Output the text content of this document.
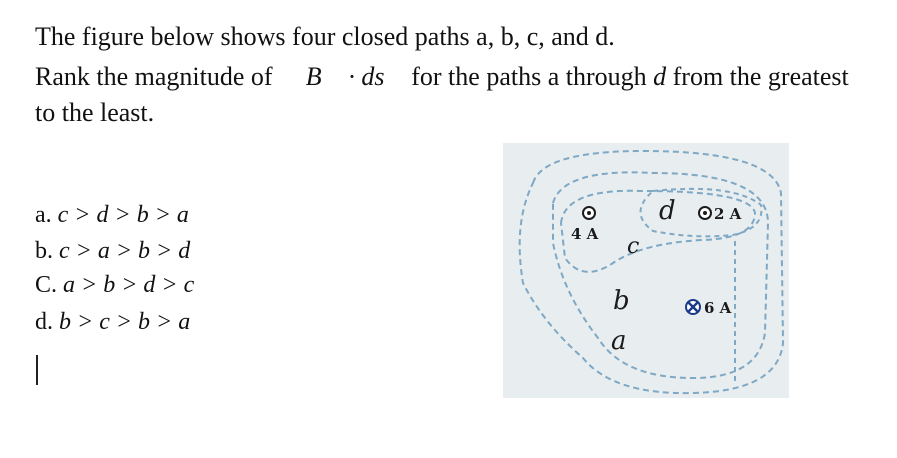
The figure below shows four closed paths a, b, c, and d.
Rank the magnitude of ∮ B⃗ · ds⃗ for the paths a through d from the greatest
to the least.
a. c > d > b > a
b. c > a > b > d
C. a > b > d > c
d. b > c > b > a
4 A
2 A
6 A
d
c
b
a
